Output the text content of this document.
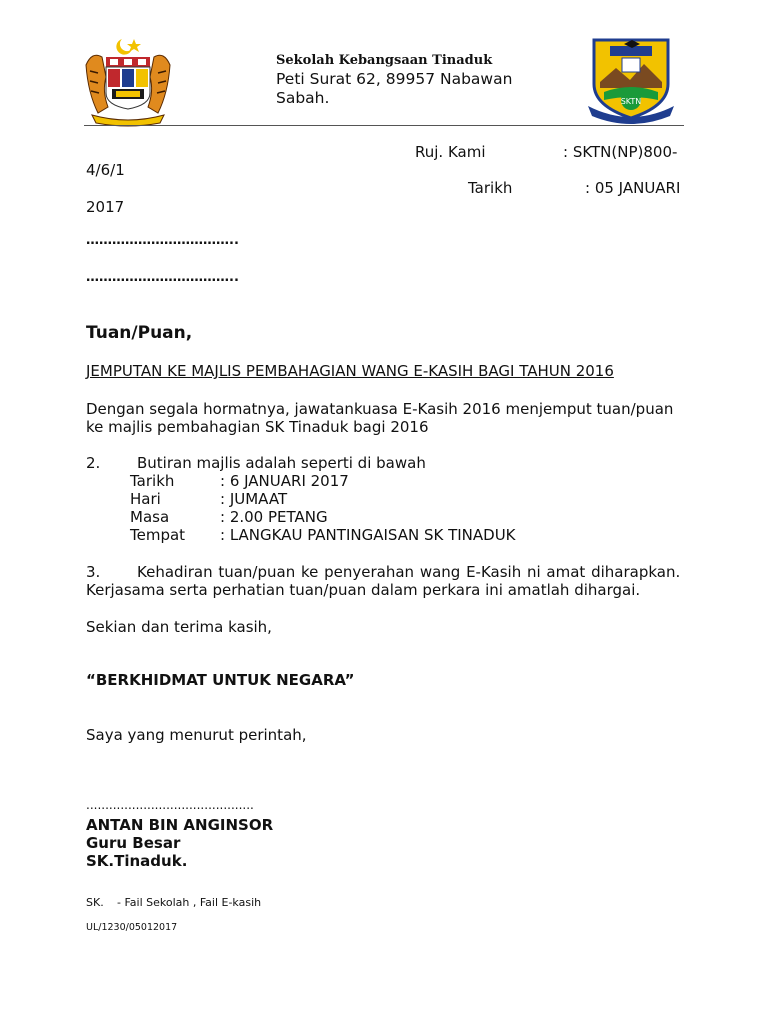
Sekolah Kebangsaan Tinaduk
Peti Surat 62, 89957 Nabawan
Sabah.	SKTN
Ruj. Kami	: SKTN(NP)800-
4/6/1
Tarikh	: 05 JANUARI
2017
……………………………..
……………………………..
Tuan/Puan,
JEMPUTAN KE MAJLIS PEMBAHAGIAN WANG E-KASIH BAGI TAHUN 2016
Dengan segala hormatnya, jawatankuasa E-Kasih 2016 menjemput tuan/puan
ke majlis pembahagian SK Tinaduk bagi 2016
2. Butiran majlis adalah seperti di bawah
Tarikh	: 6 JANUARI 2017
Hari	: JUMAAT
Masa	: 2.00 PETANG
Tempat : LANGKAU PANTINGAISAN SK TINADUK
3. Kehadiran tuan/puan ke penyerahan wang E-Kasih ni amat diharapkan.
Kerjasama serta perhatian tuan/puan dalam perkara ini amatlah dihargai.
Sekian dan terima kasih,
“BERKHIDMAT UNTUK NEGARA”
Saya yang menurut perintah,
............................................
ANTAN BIN ANGINSOR
Guru Besar
SK.Tinaduk.
SK. - Fail Sekolah , Fail E-kasih
UL/1230/05012017
